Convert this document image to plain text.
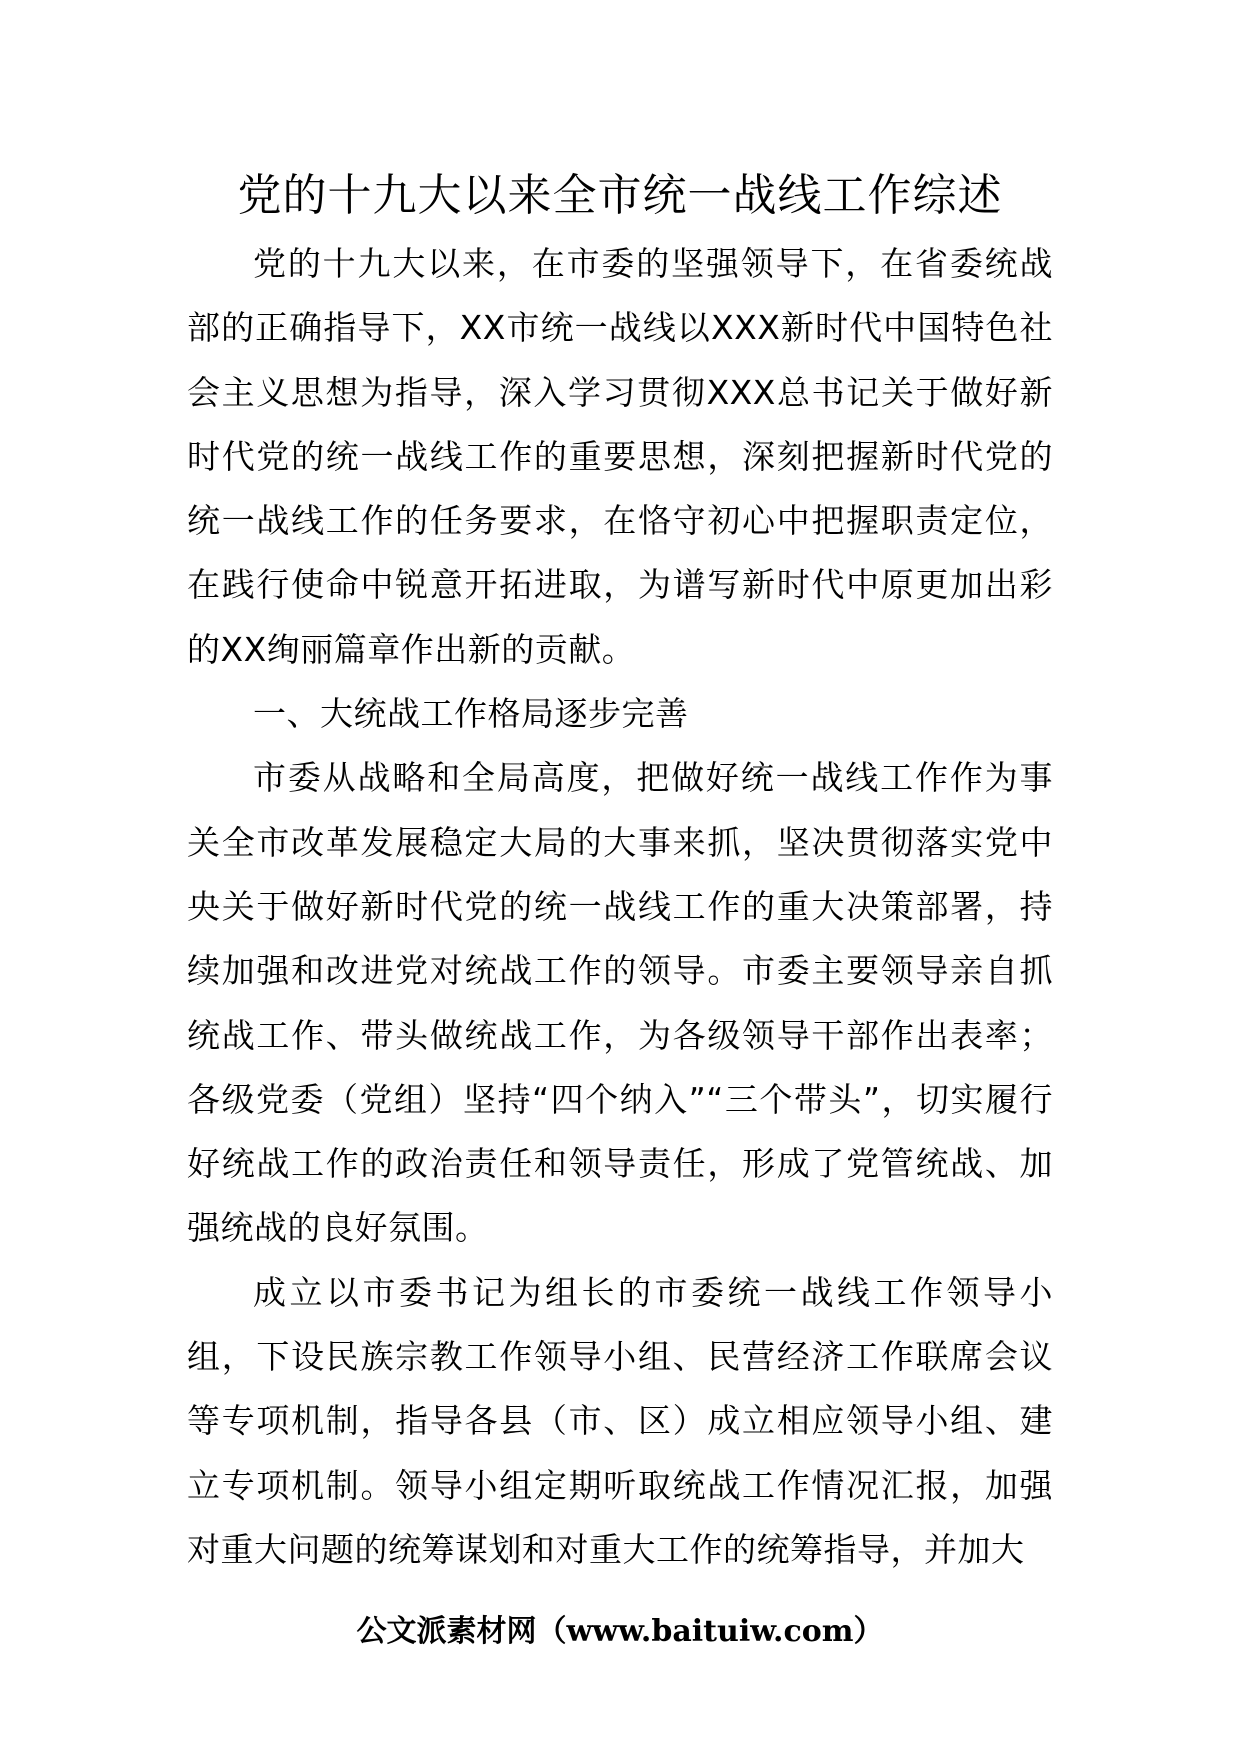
党的十九大以来全市统一战线工作综述

党的十九大以来，在市委的坚强领导下，在省委统战部的正确指导下，XX市统一战线以XXX新时代中国特色社会主义思想为指导，深入学习贯彻XXX总书记关于做好新时代党的统一战线工作的重要思想，深刻把握新时代党的统一战线工作的任务要求，在恪守初心中把握职责定位，在践行使命中锐意开拓进取，为谱写新时代中原更加出彩的XX绚丽篇章作出新的贡献。

一、大统战工作格局逐步完善

市委从战略和全局高度，把做好统一战线工作作为事关全市改革发展稳定大局的大事来抓，坚决贯彻落实党中央关于做好新时代党的统一战线工作的重大决策部署，持续加强和改进党对统战工作的领导。市委主要领导亲自抓统战工作、带头做统战工作，为各级领导干部作出表率；各级党委（党组）坚持“四个纳入”“三个带头”，切实履行好统战工作的政治责任和领导责任，形成了党管统战、加强统战的良好氛围。

成立以市委书记为组长的市委统一战线工作领导小组，下设民族宗教工作领导小组、民营经济工作联席会议等专项机制，指导各县（市、区）成立相应领导小组、建立专项机制。领导小组定期听取统战工作情况汇报，加强对重大问题的统筹谋划和对重大工作的统筹指导，并加大

公文派素材网（www.baituiw.com）
